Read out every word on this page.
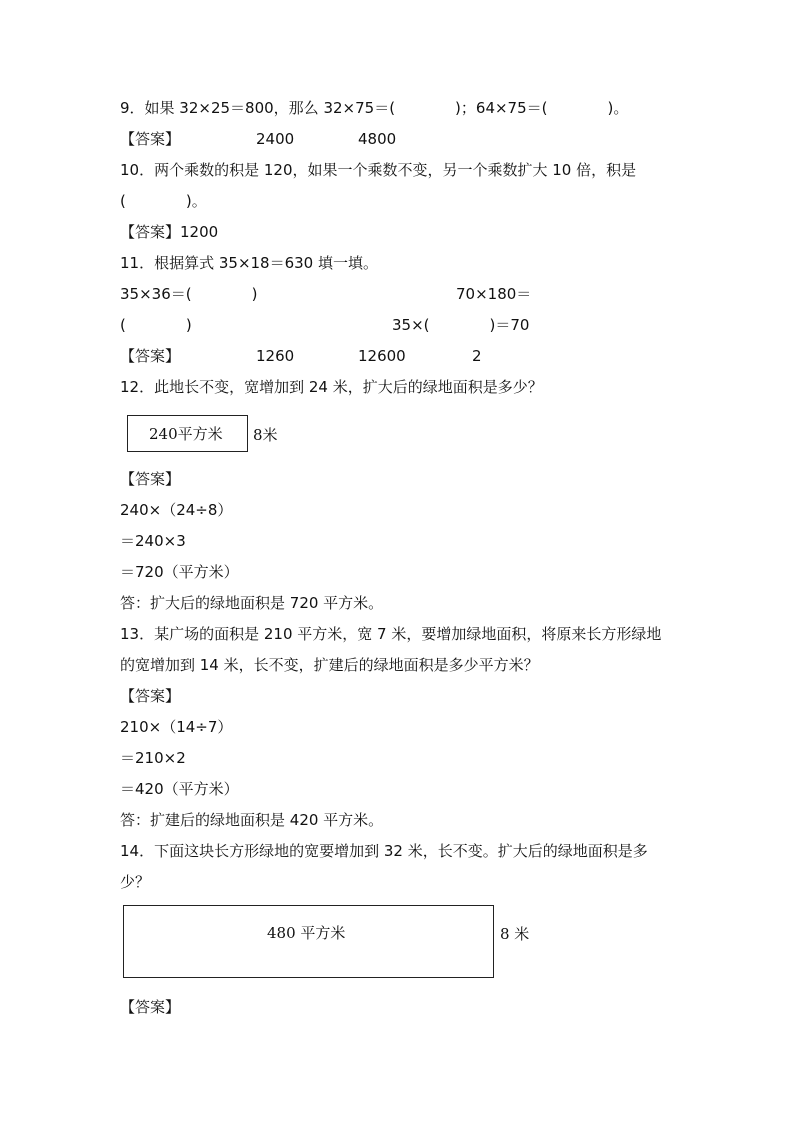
9．如果 32×25＝800，那么 32×75＝(　　　　)；64×75＝(　　　　)。
【答案】	2400	4800
10．两个乘数的积是 120，如果一个乘数不变，另一个乘数扩大 10 倍，积是
(　　　　)。
【答案】1200
11．根据算式 35×18＝630 填一填。
35×36＝(　　　　)	70×180＝
(　　　　)	35×(　　　　)＝70
【答案】	1260	12600	2
12．此地长不变，宽增加到 24 米，扩大后的绿地面积是多少？
240平方米 8米
【答案】
240×（24÷8）
＝240×3
＝720（平方米）
答：扩大后的绿地面积是 720 平方米。
13．某广场的面积是 210 平方米，宽 7 米，要增加绿地面积，将原来长方形绿地
的宽增加到 14 米，长不变，扩建后的绿地面积是多少平方米？
【答案】
210×（14÷7）
＝210×2
＝420（平方米）
答：扩建后的绿地面积是 420 平方米。
14．下面这块长方形绿地的宽要增加到 32 米，长不变。扩大后的绿地面积是多
少？
480 平方米	8 米
【答案】
